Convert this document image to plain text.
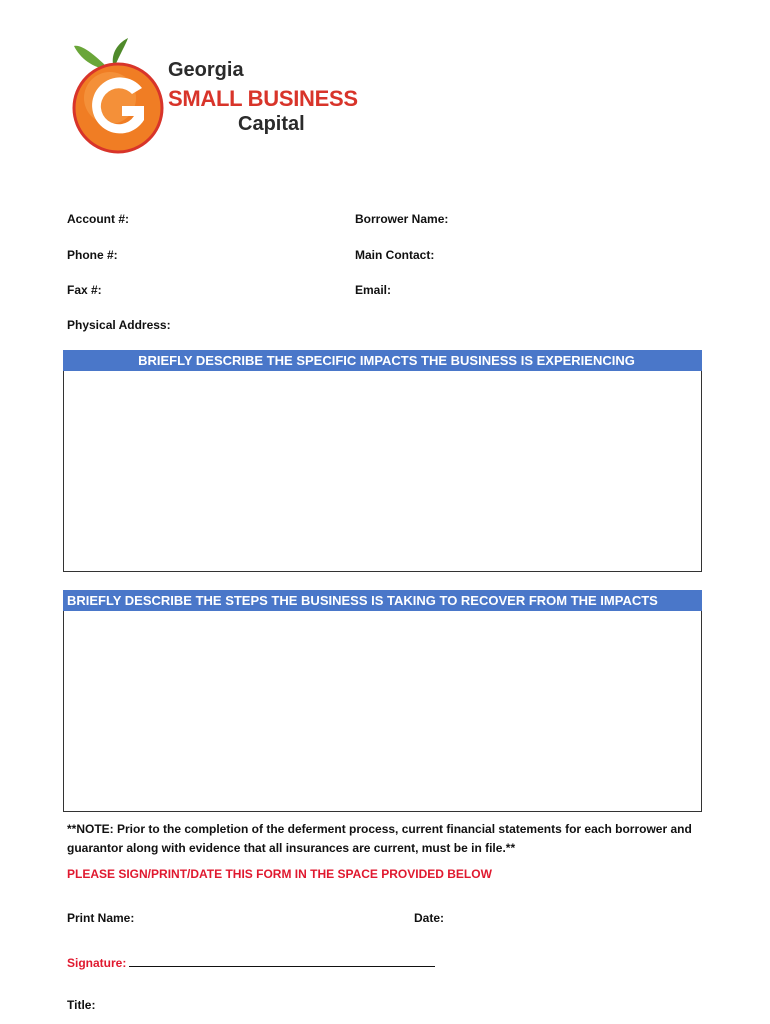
Georgia
SMALL BUSINESS
Capital
Account #:	Borrower Name:
Phone #:	Main Contact:
Fax #:	Email:
Physical Address:
BRIEFLY DESCRIBE THE SPECIFIC IMPACTS THE BUSINESS IS EXPERIENCING
BRIEFLY DESCRIBE THE STEPS THE BUSINESS IS TAKING TO RECOVER FROM THE IMPACTS
**NOTE: Prior to the completion of the deferment process, current financial statements for each borrower and
guarantor along with evidence that all insurances are current, must be in file.**
PLEASE SIGN/PRINT/DATE THIS FORM IN THE SPACE PROVIDED BELOW
Print Name:	Date:
Signature:
Title:
